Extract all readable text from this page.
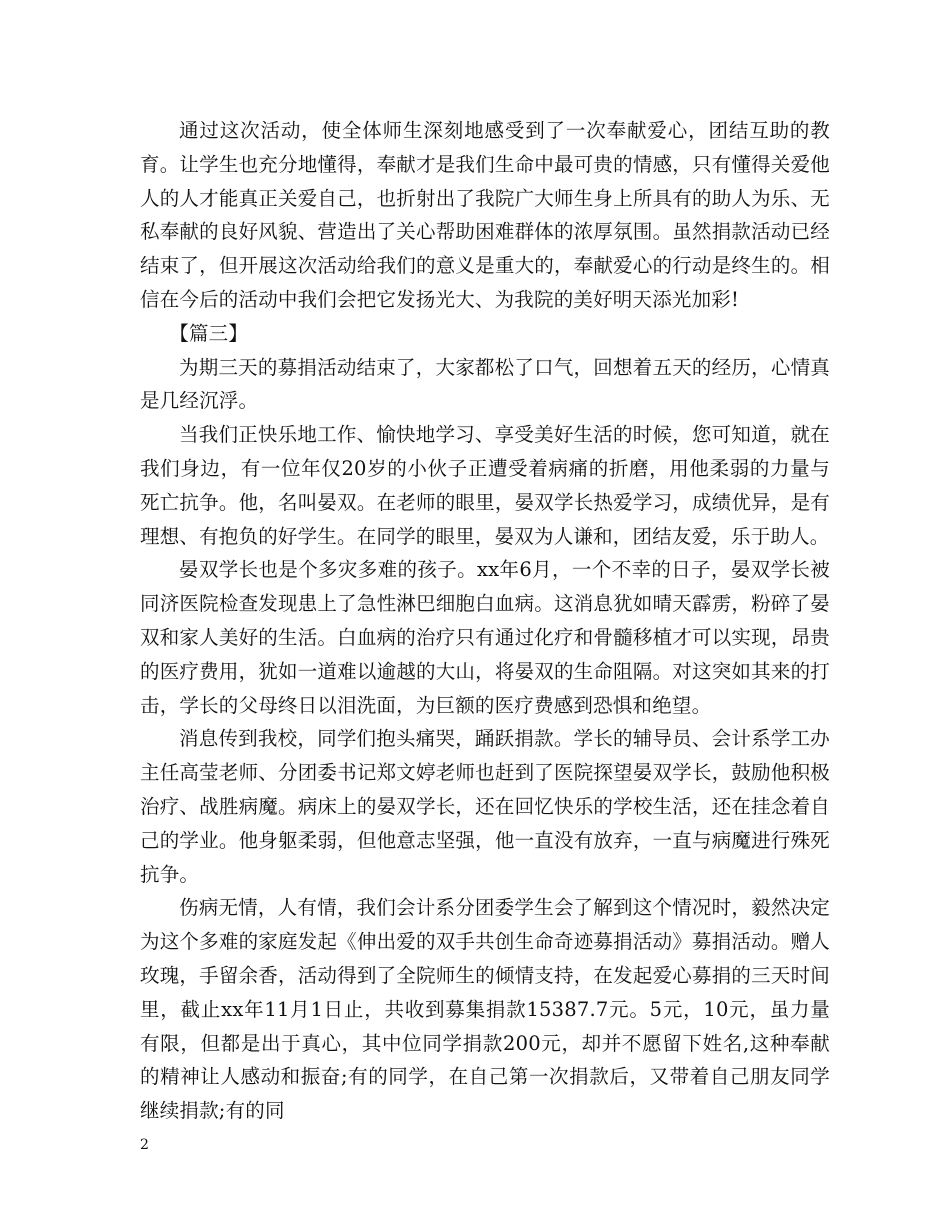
通过这次活动，使全体师生深刻地感受到了一次奉献爱心，团结互助的教育。让学生也充分地懂得，奉献才是我们生命中最可贵的情感，只有懂得关爱他人的人才能真正关爱自己，也折射出了我院广大师生身上所具有的助人为乐、无私奉献的良好风貌、营造出了关心帮助困难群体的浓厚氛围。虽然捐款活动已经结束了，但开展这次活动给我们的意义是重大的，奉献爱心的行动是终生的。相信在今后的活动中我们会把它发扬光大、为我院的美好明天添光加彩!

【篇三】

为期三天的募捐活动结束了，大家都松了口气，回想着五天的经历，心情真是几经沉浮。

当我们正快乐地工作、愉快地学习、享受美好生活的时候，您可知道，就在我们身边，有一位年仅20岁的小伙子正遭受着病痛的折磨，用他柔弱的力量与死亡抗争。他，名叫晏双。在老师的眼里，晏双学长热爱学习，成绩优异，是有理想、有抱负的好学生。在同学的眼里，晏双为人谦和，团结友爱，乐于助人。

晏双学长也是个多灾多难的孩子。xx年6月，一个不幸的日子，晏双学长被同济医院检查发现患上了急性淋巴细胞白血病。这消息犹如晴天霹雳，粉碎了晏双和家人美好的生活。白血病的治疗只有通过化疗和骨髓移植才可以实现，昂贵的医疗费用，犹如一道难以逾越的大山，将晏双的生命阻隔。对这突如其来的打击，学长的父母终日以泪洗面，为巨额的医疗费感到恐惧和绝望。

消息传到我校，同学们抱头痛哭，踊跃捐款。学长的辅导员、会计系学工办主任高莹老师、分团委书记郑文婷老师也赶到了医院探望晏双学长，鼓励他积极治疗、战胜病魔。病床上的晏双学长，还在回忆快乐的学校生活，还在挂念着自己的学业。他身躯柔弱，但他意志坚强，他一直没有放弃，一直与病魔进行殊死抗争。

伤病无情，人有情，我们会计系分团委学生会了解到这个情况时，毅然决定为这个多难的家庭发起《伸出爱的双手共创生命奇迹募捐活动》募捐活动。赠人玫瑰，手留余香，活动得到了全院师生的倾情支持，在发起爱心募捐的三天时间里，截止xx年11月1日止，共收到募集捐款15387.7元。5元，10元，虽力量有限，但都是出于真心，其中位同学捐款200元，却并不愿留下姓名,这种奉献的精神让人感动和振奋;有的同学，在自己第一次捐款后，又带着自己朋友同学继续捐款;有的同

2
